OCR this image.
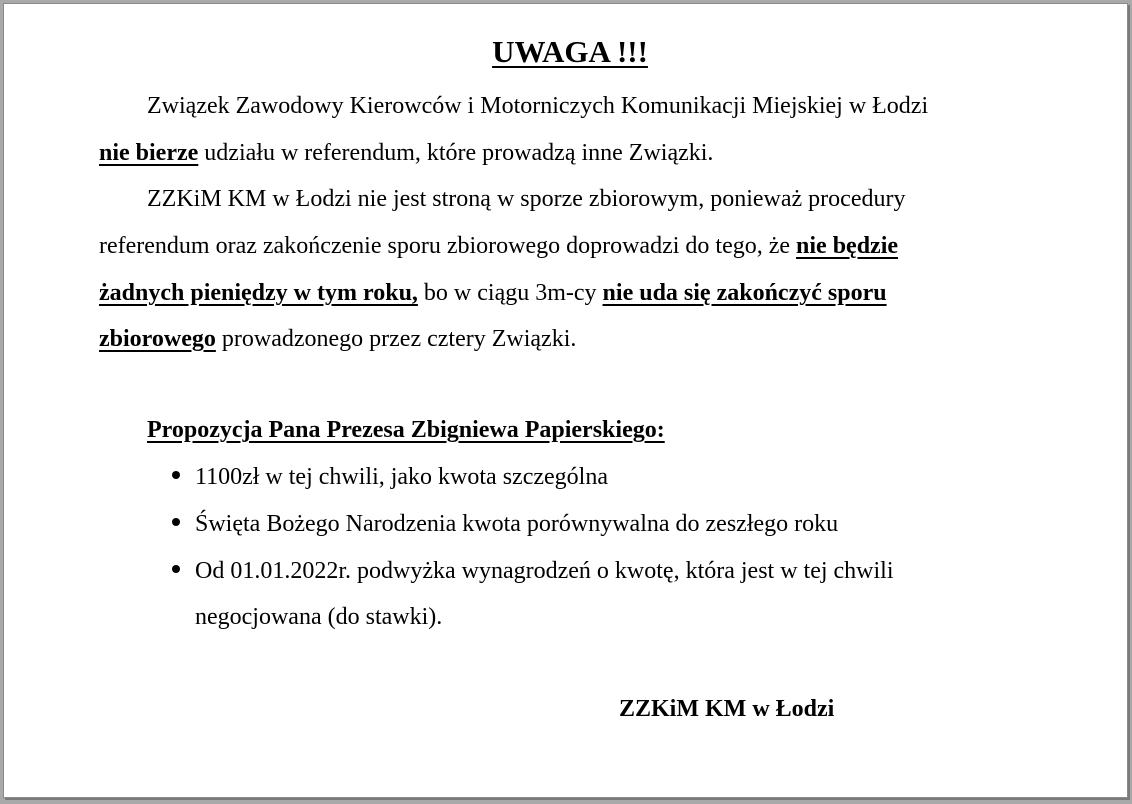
UWAGA !!!
Związek Zawodowy Kierowców i Motorniczych Komunikacji Miejskiej w Łodzi
nie bierze udziału w referendum, które prowadzą inne Związki.
ZZKiM KM w Łodzi nie jest stroną w sporze zbiorowym, ponieważ procedury
referendum oraz zakończenie sporu zbiorowego doprowadzi do tego, że nie będzie
żadnych pieniędzy w tym roku, bo w ciągu 3m-cy nie uda się zakończyć sporu
zbiorowego prowadzonego przez cztery Związki.
Propozycja Pana Prezesa Zbigniewa Papierskiego:
1100zł w tej chwili, jako kwota szczególna
Święta Bożego Narodzenia kwota porównywalna do zeszłego roku
Od 01.01.2022r. podwyżka wynagrodzeń o kwotę, która jest w tej chwili
negocjowana (do stawki).
ZZKiM KM w Łodzi
